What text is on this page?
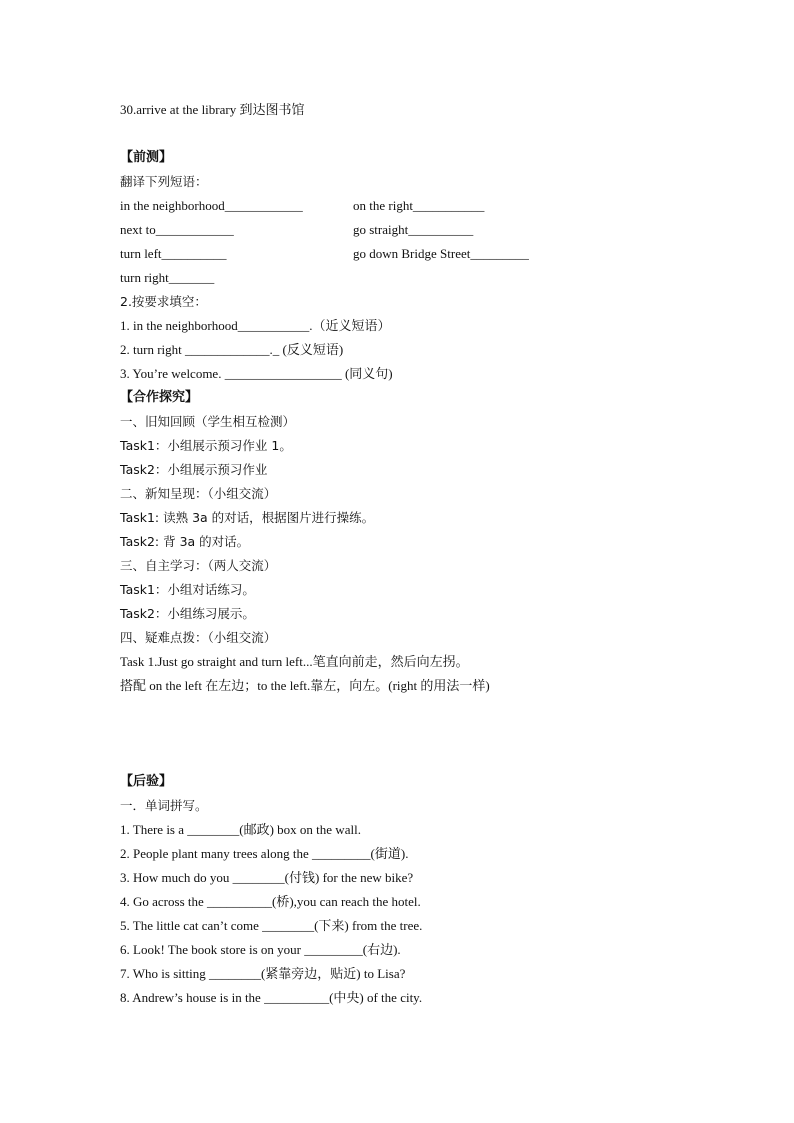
30.arrive at the library 到达图书馆
【前测】
翻译下列短语：
in the neighborhood____________	on the right___________
next to____________	go straight__________
turn left__________	go down Bridge Street_________
turn right_______
2.按要求填空：
1. in the neighborhood___________.（近义短语）
2. turn right _____________._ (反义短语)
3. You’re welcome. __________________ (同义句)
【合作探究】
一、旧知回顾（学生相互检测）
Task1：小组展示预习作业 1。
Task2：小组展示预习作业
二、新知呈现：（小组交流）
Task1: 读熟 3a 的对话，根据图片进行操练。
Task2: 背 3a 的对话。
三、自主学习：（两人交流）
Task1：小组对话练习。
Task2：小组练习展示。
四、疑难点拨：（小组交流）
Task 1.Just go straight and turn left...笔直向前走，然后向左拐。
搭配 on the left 在左边；to the left.靠左，向左。(right 的用法一样)
【后验】
一．单词拼写。
1. There is a ________(邮政) box on the wall.
2. People plant many trees along the _________(街道).
3. How much do you ________(付钱) for the new bike?
4. Go across the __________(桥),you can reach the hotel.
5. The little cat can’t come ________(下来) from the tree.
6. Look! The book store is on your _________(右边).
7. Who is sitting ________(紧靠旁边，贴近) to Lisa?
8. Andrew’s house is in the __________(中央) of the city.
